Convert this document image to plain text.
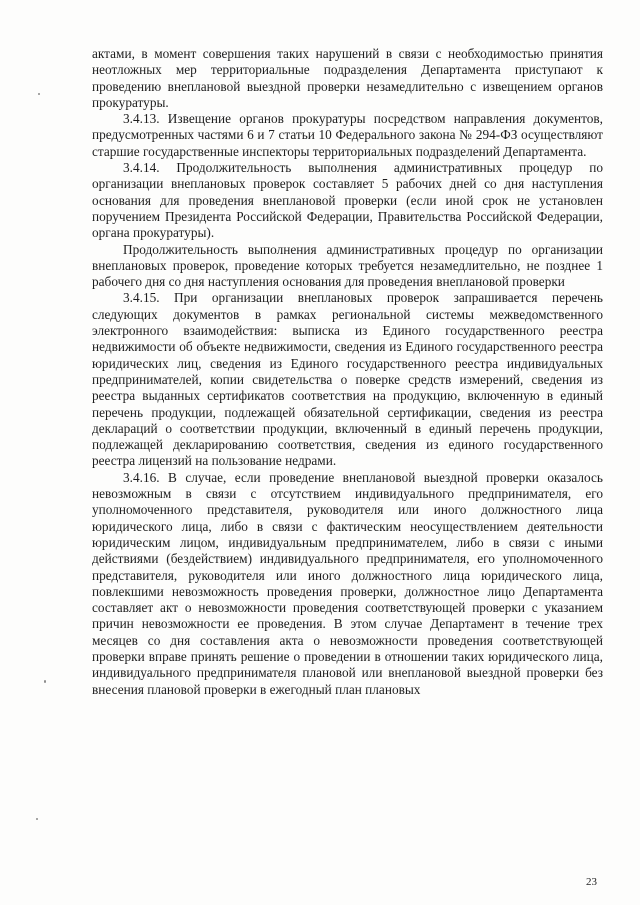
актами, в момент совершения таких нарушений в связи с необходимостью принятия неотложных мер территориальные подразделения Департамента приступают к проведению внеплановой выездной проверки незамедлительно с извещением органов прокуратуры.

3.4.13. Извещение органов прокуратуры посредством направления документов, предусмотренных частями 6 и 7 статьи 10 Федерального закона № 294-ФЗ осуществляют старшие государственные инспекторы территориальных подразделений Департамента.

3.4.14. Продолжительность выполнения административных процедур по организации внеплановых проверок составляет 5 рабочих дней со дня наступления основания для проведения внеплановой проверки (если иной срок не установлен поручением Президента Российской Федерации, Правительства Российской Федерации, органа прокуратуры).

Продолжительность выполнения административных процедур по организации внеплановых проверок, проведение которых требуется незамедлительно, не позднее 1 рабочего дня со дня наступления основания для проведения внеплановой проверки

3.4.15. При организации внеплановых проверок запрашивается перечень следующих документов в рамках региональной системы межведомственного электронного взаимодействия: выписка из Единого государственного реестра недвижимости об объекте недвижимости, сведения из Единого государственного реестра юридических лиц, сведения из Единого государственного реестра индивидуальных предпринимателей, копии свидетельства о поверке средств измерений, сведения из реестра выданных сертификатов соответствия на продукцию, включенную в единый перечень продукции, подлежащей обязательной сертификации, сведения из реестра деклараций о соответствии продукции, включенный в единый перечень продукции, подлежащей декларированию соответствия, сведения из единого государственного реестра лицензий на пользование недрами.

3.4.16. В случае, если проведение внеплановой выездной проверки оказалось невозможным в связи с отсутствием индивидуального предпринимателя, его уполномоченного представителя, руководителя или иного должностного лица юридического лица, либо в связи с фактическим неосуществлением деятельности юридическим лицом, индивидуальным предпринимателем, либо в связи с иными действиями (бездействием) индивидуального предпринимателя, его уполномоченного представителя, руководителя или иного должностного лица юридического лица, повлекшими невозможность проведения проверки, должностное лицо Департамента составляет акт о невозможности проведения соответствующей проверки с указанием причин невозможности ее проведения. В этом случае Департамент в течение трех месяцев со дня составления акта о невозможности проведения соответствующей проверки вправе принять решение о проведении в отношении таких юридического лица, индивидуального предпринимателя плановой или внеплановой выездной проверки без внесения плановой проверки в ежегодный план плановых

23
